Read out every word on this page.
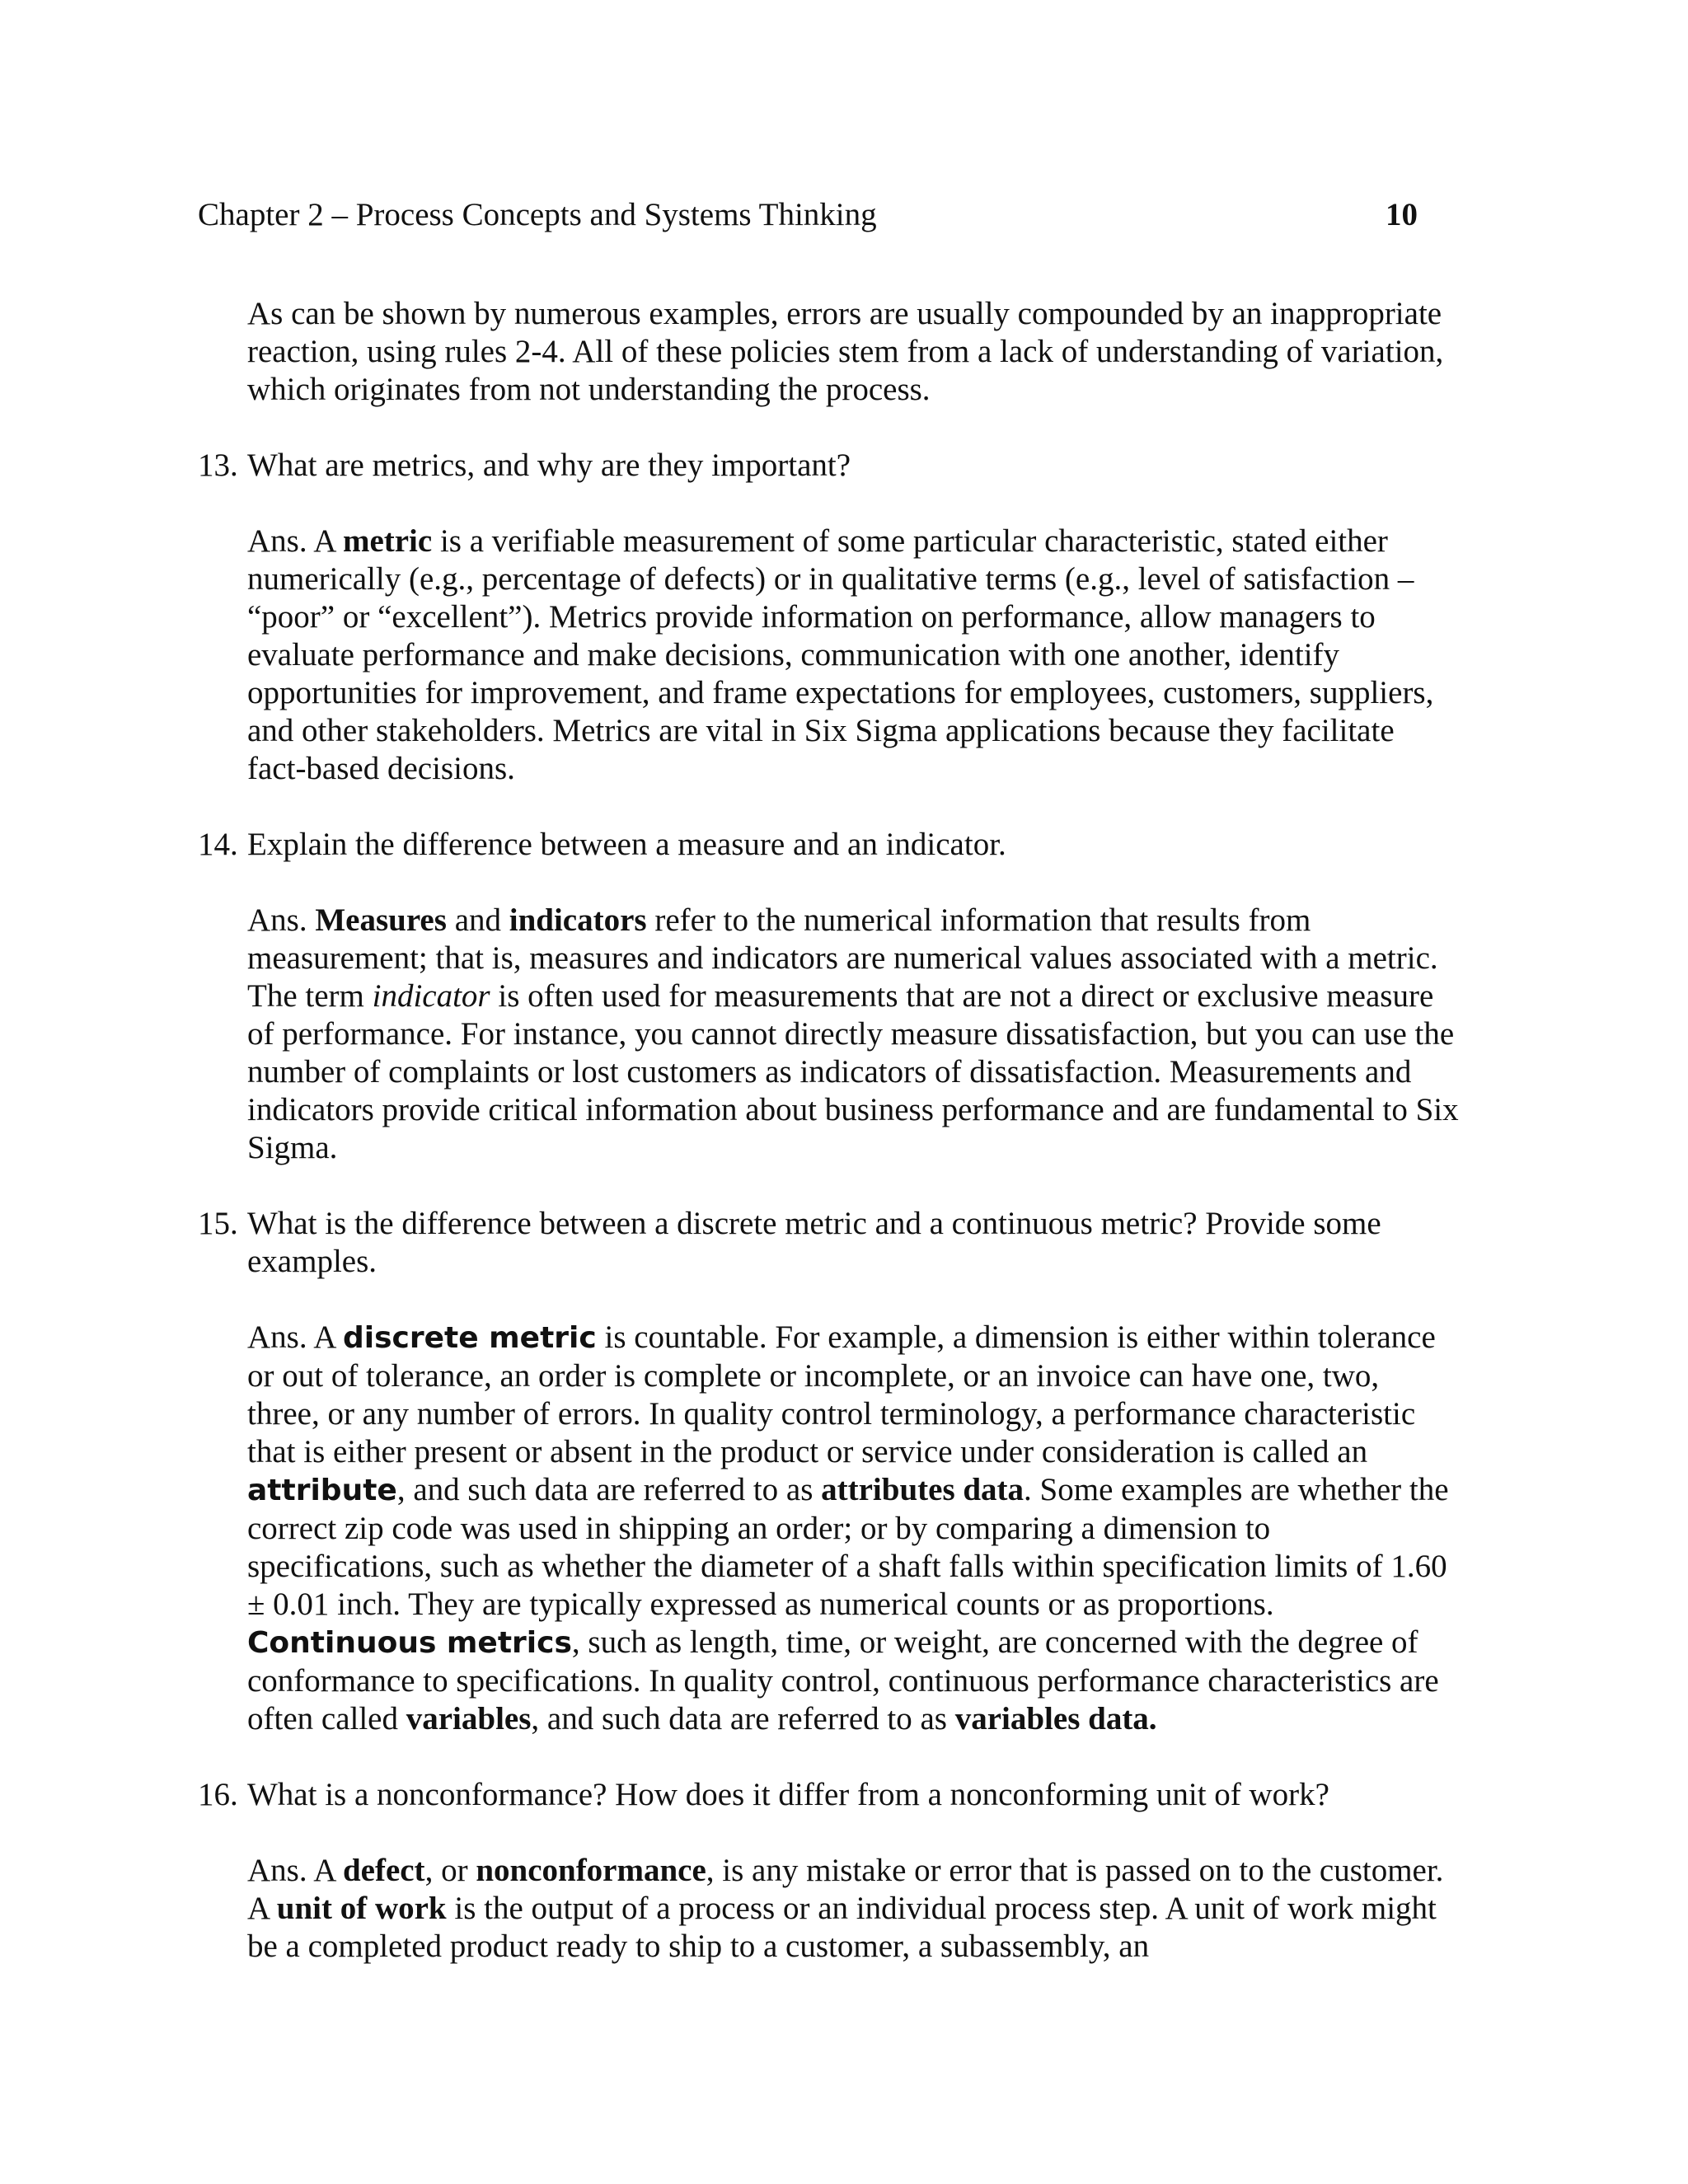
Chapter 2 – Process Concepts and Systems Thinking	10

As can be shown by numerous examples, errors are usually compounded by an inappropriate reaction, using rules 2-4. All of these policies stem from a lack of understanding of variation, which originates from not understanding the process.

13. What are metrics, and why are they important?

Ans. A metric is a verifiable measurement of some particular characteristic, stated either numerically (e.g., percentage of defects) or in qualitative terms (e.g., level of satisfaction – “poor” or “excellent”). Metrics provide information on performance, allow managers to evaluate performance and make decisions, communication with one another, identify opportunities for improvement, and frame expectations for employees, customers, suppliers, and other stakeholders. Metrics are vital in Six Sigma applications because they facilitate fact-based decisions.

14. Explain the difference between a measure and an indicator.

Ans. Measures and indicators refer to the numerical information that results from measurement; that is, measures and indicators are numerical values associated with a metric. The term indicator is often used for measurements that are not a direct or exclusive measure of performance. For instance, you cannot directly measure dissatisfaction, but you can use the number of complaints or lost customers as indicators of dissatisfaction. Measurements and indicators provide critical information about business performance and are fundamental to Six Sigma.

15. What is the difference between a discrete metric and a continuous metric? Provide some examples.

Ans. A discrete metric is countable. For example, a dimension is either within tolerance or out of tolerance, an order is complete or incomplete, or an invoice can have one, two, three, or any number of errors. In quality control terminology, a performance characteristic that is either present or absent in the product or service under consideration is called an attribute, and such data are referred to as attributes data. Some examples are whether the correct zip code was used in shipping an order; or by comparing a dimension to specifications, such as whether the diameter of a shaft falls within specification limits of 1.60 ± 0.01 inch. They are typically expressed as numerical counts or as proportions. Continuous metrics, such as length, time, or weight, are concerned with the degree of conformance to specifications. In quality control, continuous performance characteristics are often called variables, and such data are referred to as variables data.

16. What is a nonconformance? How does it differ from a nonconforming unit of work?

Ans. A defect, or nonconformance, is any mistake or error that is passed on to the customer. A unit of work is the output of a process or an individual process step. A unit of work might be a completed product ready to ship to a customer, a subassembly, an
